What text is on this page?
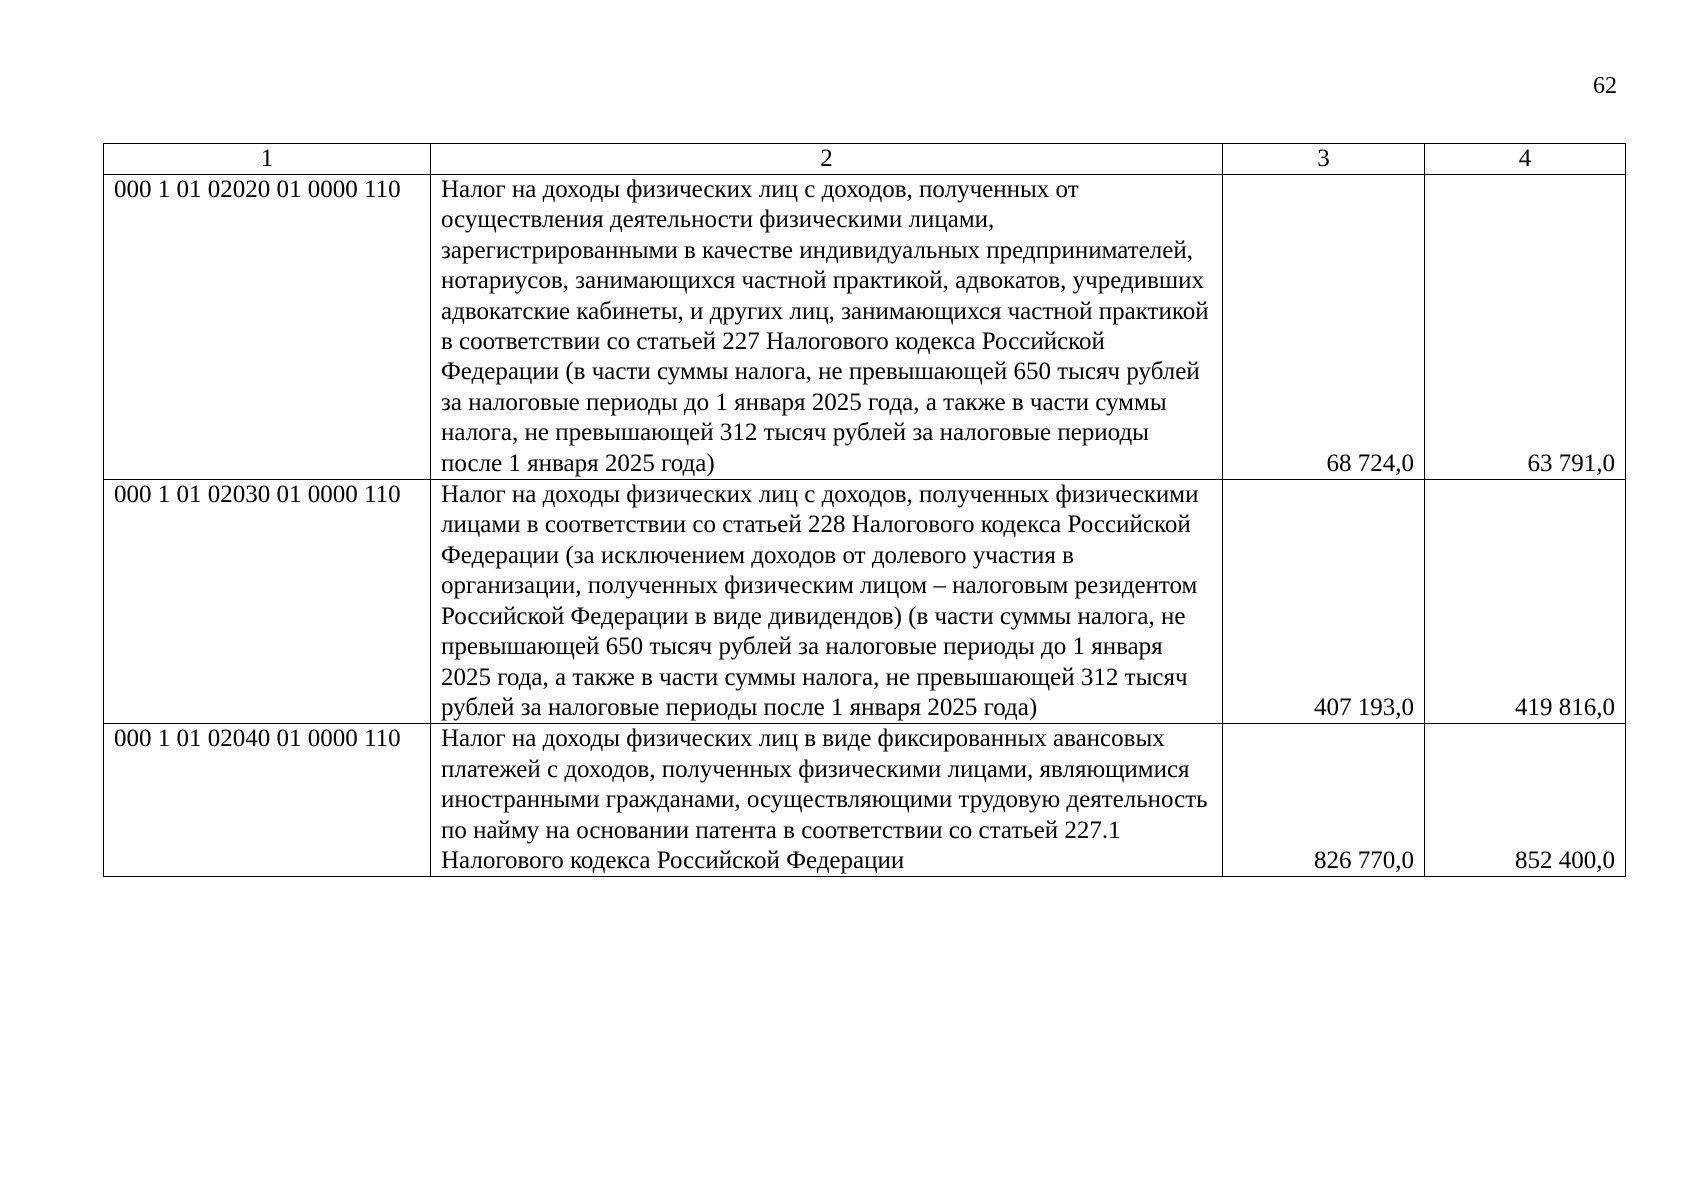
62
1	2	3	4
000 1 01 02020 01 0000 110	Налог на доходы физических лиц с доходов, полученных от осуществления деятельности физическими лицами, зарегистрированными в качестве индивидуальных предпринимателей, нотариусов, занимающихся частной практикой, адвокатов, учредивших адвокатские кабинеты, и других лиц, занимающихся частной практикой в соответствии со статьей 227 Налогового кодекса Российской Федерации (в части суммы налога, не превышающей 650 тысяч рублей за налоговые периоды до 1 января 2025 года, а также в части суммы налога, не превышающей 312 тысяч рублей за налоговые периоды после 1 января 2025 года)	68 724,0	63 791,0
000 1 01 02030 01 0000 110	Налог на доходы физических лиц с доходов, полученных физическими лицами в соответствии со статьей 228 Налогового кодекса Российской Федерации (за исключением доходов от долевого участия в организации, полученных физическим лицом – налоговым резидентом Российской Федерации в виде дивидендов) (в части суммы налога, не превышающей 650 тысяч рублей за налоговые периоды до 1 января 2025 года, а также в части суммы налога, не превышающей 312 тысяч рублей за налоговые периоды после 1 января 2025 года)	407 193,0	419 816,0
000 1 01 02040 01 0000 110	Налог на доходы физических лиц в виде фиксированных авансовых платежей с доходов, полученных физическими лицами, являющимися иностранными гражданами, осуществляющими трудовую деятельность по найму на основании патента в соответствии со статьей 227.1 Налогового кодекса Российской Федерации	826 770,0	852 400,0
